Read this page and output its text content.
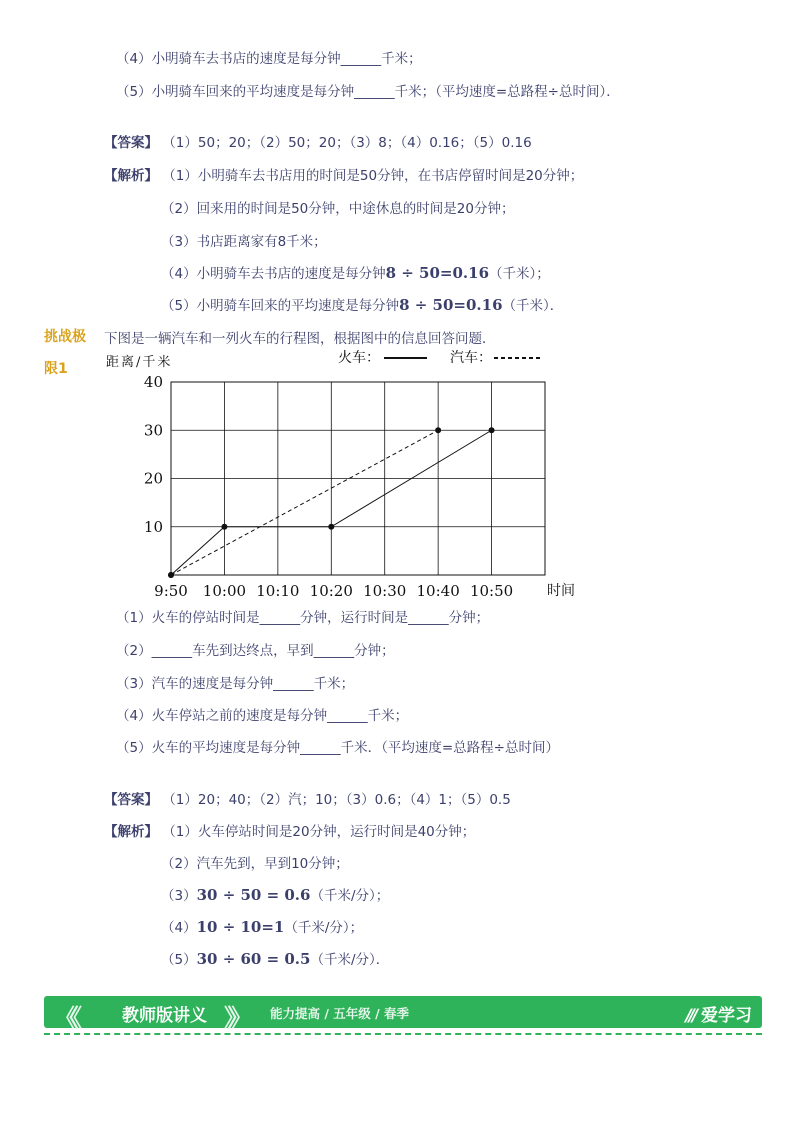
（4）小明骑车去书店的速度是每分钟______千米；
（5）小明骑车回来的平均速度是每分钟______千米；（平均速度=总路程÷总时间）．
【答案】 （1）50；20；（2）50；20；（3）8；（4）0.16；（5）0.16
【解析】 （1）小明骑车去书店用的时间是50分钟，在书店停留时间是20分钟；
（2）回来用的时间是50分钟，中途休息的时间是20分钟；
（3）书店距离家有8千米；
（4）小明骑车去书店的速度是每分钟8 ÷ 50=0.16（千米）；
（5）小明骑车回来的平均速度是每分钟8 ÷ 50=0.16（千米）．
挑战极
限1
下图是一辆汽车和一列火车的行程图，根据图中的信息回答问题．
距离/千米	火车：	汽车：
10
20
30
40
9:50 10:00 10:10 10:20 10:30 10:40 10:50 时间
（1）火车的停站时间是______分钟，运行时间是______分钟；
（2）______车先到达终点，早到______分钟；
（3）汽车的速度是每分钟______千米；
（4）火车停站之前的速度是每分钟______千米；
（5）火车的平均速度是每分钟______千米．（平均速度=总路程÷总时间）
【答案】 （1）20；40；（2）汽；10；（3）0.6；（4）1；（5）0.5
【解析】 （1）火车停站时间是20分钟，运行时间是40分钟；
（2）汽车先到，早到10分钟；
（3）30 ÷ 50 = 0.6（千米/分）；
（4）10 ÷ 10=1（千米/分）；
（5）30 ÷ 60 = 0.5（千米/分）．
《《	教师版讲义 》》 能力提高 / 五年级 / 春季	/// 爱学习
